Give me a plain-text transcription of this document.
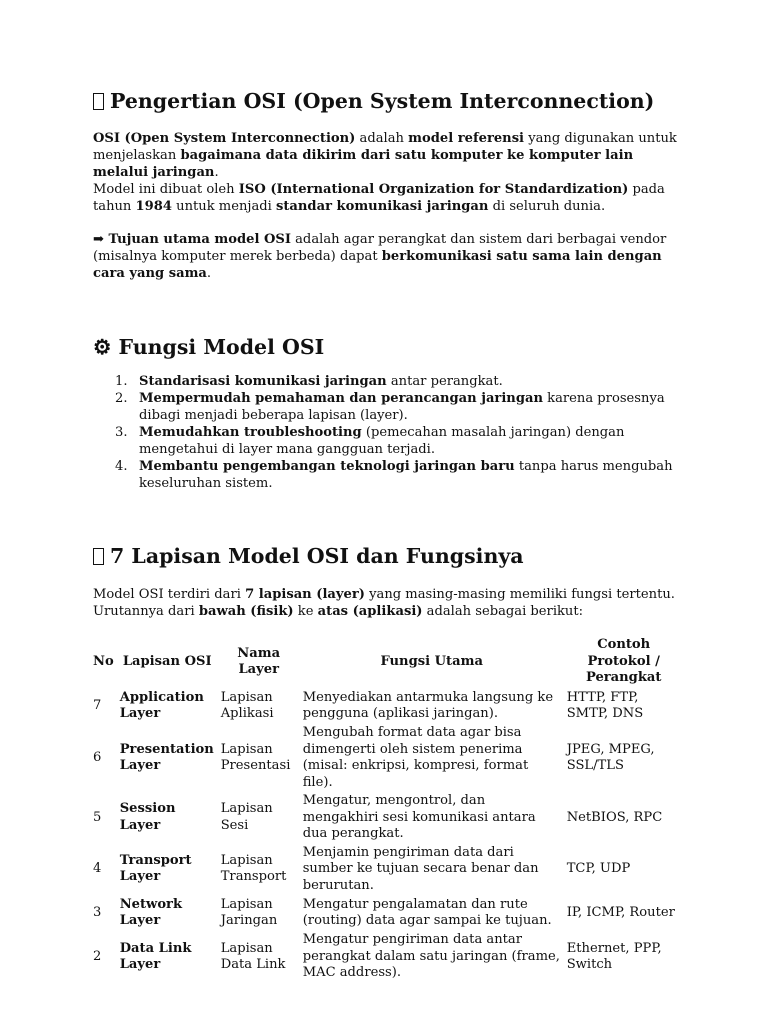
Pengertian OSI (Open System Interconnection)

OSI (Open System Interconnection) adalah model referensi yang digunakan untuk menjelaskan bagaimana data dikirim dari satu komputer ke komputer lain melalui jaringan.
Model ini dibuat oleh ISO (International Organization for Standardization) pada tahun 1984 untuk menjadi standar komunikasi jaringan di seluruh dunia.

➡ Tujuan utama model OSI adalah agar perangkat dan sistem dari berbagai vendor (misalnya komputer merek berbeda) dapat berkomunikasi satu sama lain dengan cara yang sama.

⚙ Fungsi Model OSI
1. Standarisasi komunikasi jaringan antar perangkat.
2. Mempermudah pemahaman dan perancangan jaringan karena prosesnya dibagi menjadi beberapa lapisan (layer).
3. Memudahkan troubleshooting (pemecahan masalah jaringan) dengan mengetahui di layer mana gangguan terjadi.
4. Membantu pengembangan teknologi jaringan baru tanpa harus mengubah keseluruhan sistem.
7 Lapisan Model OSI dan Fungsinya

Model OSI terdiri dari 7 lapisan (layer) yang masing-masing memiliki fungsi tertentu. Urutannya dari bawah (fisik) ke atas (aplikasi) adalah sebagai berikut:

No	Lapisan OSI	Nama Layer	Fungsi Utama	Contoh Protokol / Perangkat
7	Application Layer	Lapisan Aplikasi	Menyediakan antarmuka langsung ke pengguna (aplikasi jaringan).	HTTP, FTP, SMTP, DNS
6	Presentation Layer	Lapisan Presentasi	Mengubah format data agar bisa dimengerti oleh sistem penerima (misal: enkripsi, kompresi, format file).	JPEG, MPEG, SSL/TLS
5	Session Layer	Lapisan Sesi	Mengatur, mengontrol, dan mengakhiri sesi komunikasi antara dua perangkat.	NetBIOS, RPC
4	Transport Layer	Lapisan Transport	Menjamin pengiriman data dari sumber ke tujuan secara benar dan berurutan.	TCP, UDP
3	Network Layer	Lapisan Jaringan	Mengatur pengalamatan dan rute (routing) data agar sampai ke tujuan.	IP, ICMP, Router
2	Data Link Layer	Lapisan Data Link	Mengatur pengiriman data antar perangkat dalam satu jaringan (frame, MAC address).	Ethernet, PPP, Switch
